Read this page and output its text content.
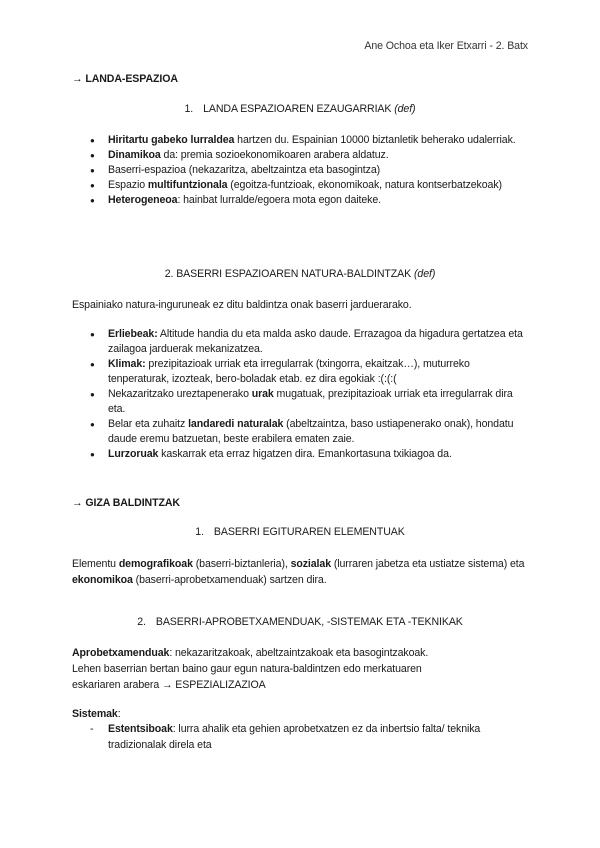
Ane Ochoa eta Iker Etxarri - 2. Batx
→ LANDA-ESPAZIOA
1. LANDA ESPAZIOAREN EZAUGARRIAK (def)
● Hiritartu gabeko lurraldea hartzen du. Espainian 10000 biztanletik beherako udalerriak.
● Dinamikoa da: premia sozioekonomikoaren arabera aldatuz.
● Baserri-espazioa (nekazaritza, abeltzaintza eta basogintza)
● Espazio multifuntzionala (egoitza-funtzioak, ekonomikoak, natura kontserbatzekoak)
● Heterogeneoa: hainbat lurralde/egoera mota egon daiteke.
2. BASERRI ESPAZIOAREN NATURA-BALDINTZAK (def)
Espainiako natura-inguruneak ez ditu baldintza onak baserri jarduerarako.
● Erliebeak: Altitude handia du eta malda asko daude. Errazagoa da higadura gertatzea eta zailagoa jarduerak mekanizatzea.
● Klimak: prezipitazioak urriak eta irregularrak (txingorra, ekaitzak…), muturreko tenperaturak, izozteak, bero-boladak etab. ez dira egokiak :(:(:(
● Nekazaritzako ureztapenerako urak mugatuak, prezipitazioak urriak eta irregularrak dira eta.
● Belar eta zuhaitz landaredi naturalak (abeltzaintza, baso ustiapenerako onak), hondatu daude eremu batzuetan, beste erabilera ematen zaie.
● Lurzoruak kaskarrak eta erraz higatzen dira. Emankortasuna txikiagoa da.
→ GIZA BALDINTZAK
1. BASERRI EGITURAREN ELEMENTUAK
Elementu demografikoak (baserri-biztanleria), sozialak (lurraren jabetza eta ustiatze sistema) eta ekonomikoa (baserri-aprobetxamenduak) sartzen dira.
2. BASERRI-APROBETXAMENDUAK, -SISTEMAK ETA -TEKNIKAK
Aprobetxamenduak: nekazaritzakoak, abeltzaintzakoak eta basogintzakoak.
Lehen baserrian bertan baino gaur egun natura-baldintzen edo merkatuaren eskariaren arabera → ESPEZIALIZAZIOA
Sistemak:
- Estentsiboak: lurra ahalik eta gehien aprobetxatzen ez da inbertsio falta/ teknika tradizionalak direla eta
